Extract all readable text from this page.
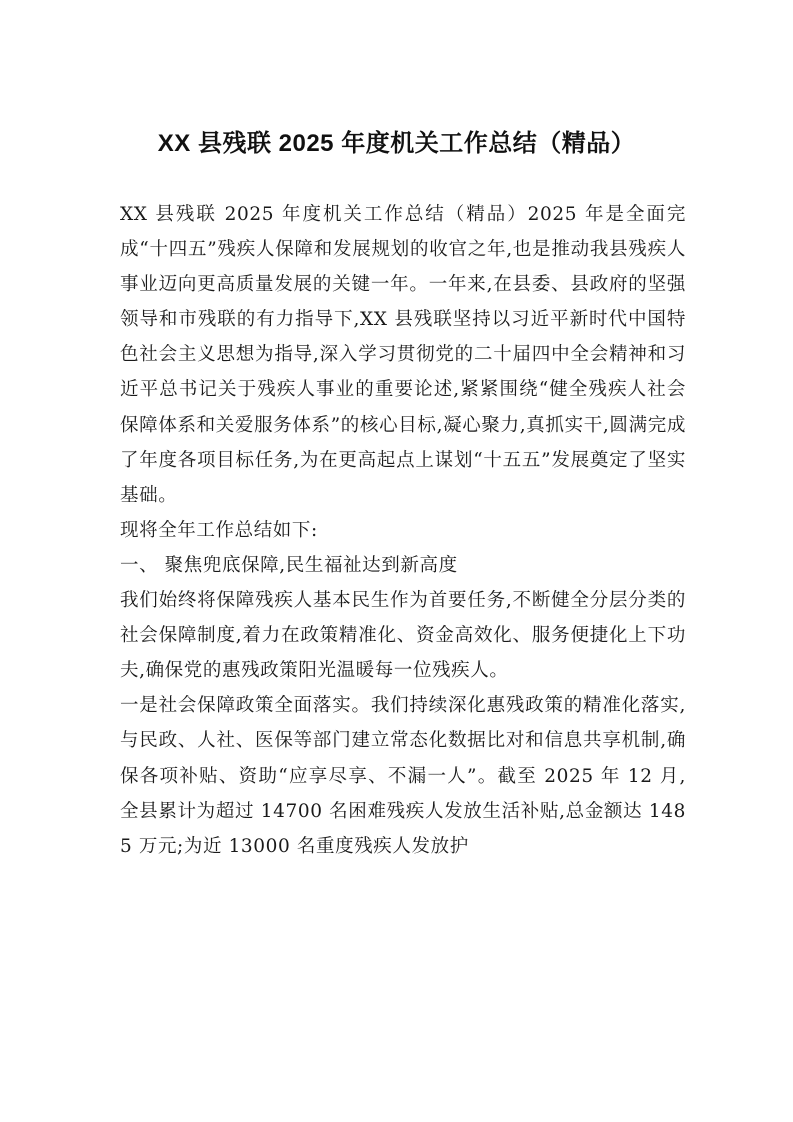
XX 县残联 2025 年度机关工作总结（精品）

XX 县残联 2025 年度机关工作总结（精品）2025 年是全面完成“十四五”残疾人保障和发展规划的收官之年,也是推动我县残疾人事业迈向更高质量发展的关键一年。一年来,在县委、县政府的坚强领导和市残联的有力指导下,XX 县残联坚持以习近平新时代中国特色社会主义思想为指导,深入学习贯彻党的二十届四中全会精神和习近平总书记关于残疾人事业的重要论述,紧紧围绕“健全残疾人社会保障体系和关爱服务体系”的核心目标,凝心聚力,真抓实干,圆满完成了年度各项目标任务,为在更高起点上谋划“十五五”发展奠定了坚实基础。

现将全年工作总结如下:

一、 聚焦兜底保障,民生福祉达到新高度

我们始终将保障残疾人基本民生作为首要任务,不断健全分层分类的社会保障制度,着力在政策精准化、资金高效化、服务便捷化上下功夫,确保党的惠残政策阳光温暖每一位残疾人。

一是社会保障政策全面落实。我们持续深化惠残政策的精准化落实,与民政、人社、医保等部门建立常态化数据比对和信息共享机制,确保各项补贴、资助“应享尽享、不漏一人”。截至 2025 年 12 月,全县累计为超过 14700 名困难残疾人发放生活补贴,总金额达 1485 万元;为近 13000 名重度残疾人发放护
